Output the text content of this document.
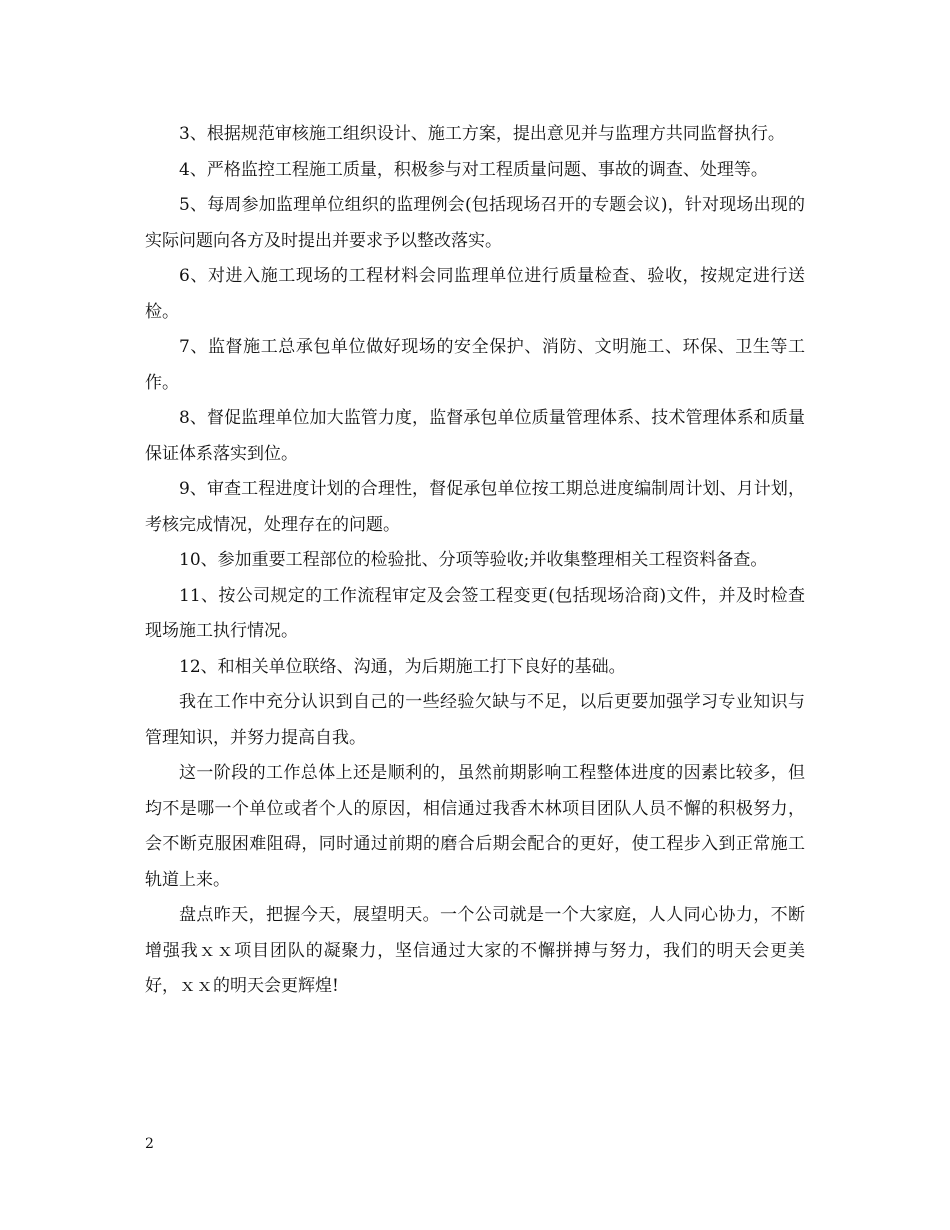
3、根据规范审核施工组织设计、施工方案，提出意见并与监理方共同监督执行。

4、严格监控工程施工质量，积极参与对工程质量问题、事故的调查、处理等。

5、每周参加监理单位组织的监理例会(包括现场召开的专题会议)，针对现场出现的实际问题向各方及时提出并要求予以整改落实。

6、对进入施工现场的工程材料会同监理单位进行质量检查、验收，按规定进行送检。

7、监督施工总承包单位做好现场的安全保护、消防、文明施工、环保、卫生等工作。

8、督促监理单位加大监管力度，监督承包单位质量管理体系、技术管理体系和质量保证体系落实到位。

9、审查工程进度计划的合理性，督促承包单位按工期总进度编制周计划、月计划，考核完成情况，处理存在的问题。

10、参加重要工程部位的检验批、分项等验收;并收集整理相关工程资料备查。

11、按公司规定的工作流程审定及会签工程变更(包括现场洽商)文件，并及时检查现场施工执行情况。

12、和相关单位联络、沟通，为后期施工打下良好的基础。

我在工作中充分认识到自己的一些经验欠缺与不足，以后更要加强学习专业知识与管理知识，并努力提高自我。

这一阶段的工作总体上还是顺利的，虽然前期影响工程整体进度的因素比较多，但均不是哪一个单位或者个人的原因，相信通过我香木林项目团队人员不懈的积极努力，会不断克服困难阻碍，同时通过前期的磨合后期会配合的更好，使工程步入到正常施工轨道上来。

盘点昨天，把握今天，展望明天。一个公司就是一个大家庭，人人同心协力，不断增强我ｘｘ项目团队的凝聚力，坚信通过大家的不懈拼搏与努力，我们的明天会更美好，ｘｘ的明天会更辉煌!

2
